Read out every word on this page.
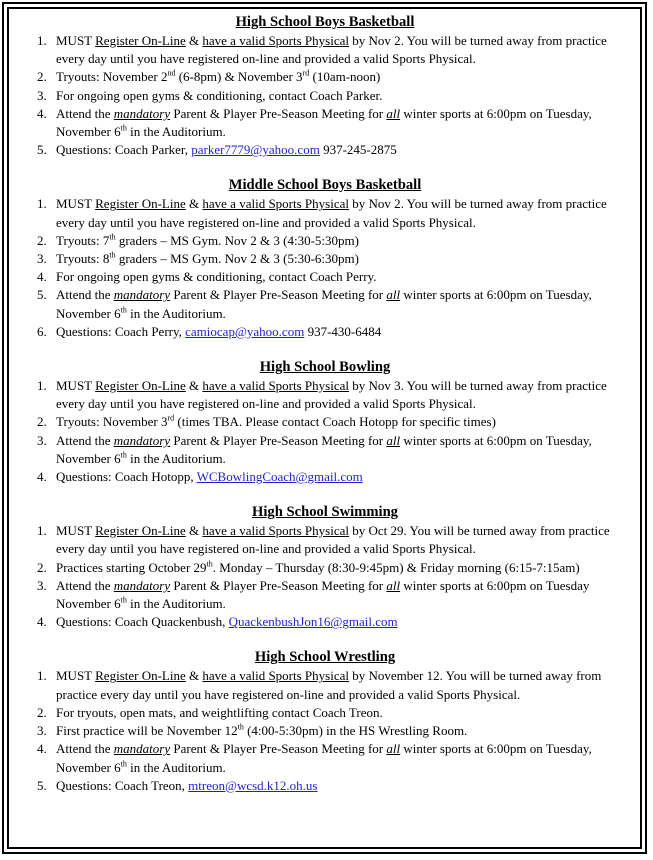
High School Boys Basketball
1. MUST Register On-Line & have a valid Sports Physical by Nov 2. You will be turned away from practice every day until you have registered on-line and provided a valid Sports Physical.
2. Tryouts: November 2nd (6-8pm) & November 3rd (10am-noon)
3. For ongoing open gyms & conditioning, contact Coach Parker.
4. Attend the mandatory Parent & Player Pre-Season Meeting for all winter sports at 6:00pm on Tuesday, November 6th in the Auditorium.
5. Questions: Coach Parker, parker7779@yahoo.com 937-245-2875
Middle School Boys Basketball
1. MUST Register On-Line & have a valid Sports Physical by Nov 2. You will be turned away from practice every day until you have registered on-line and provided a valid Sports Physical.
2. Tryouts: 7th graders – MS Gym. Nov 2 & 3 (4:30-5:30pm)
3. Tryouts: 8th graders – MS Gym. Nov 2 & 3 (5:30-6:30pm)
4. For ongoing open gyms & conditioning, contact Coach Perry.
5. Attend the mandatory Parent & Player Pre-Season Meeting for all winter sports at 6:00pm on Tuesday, November 6th in the Auditorium.
6. Questions: Coach Perry, camiocap@yahoo.com 937-430-6484
High School Bowling
1. MUST Register On-Line & have a valid Sports Physical by Nov 3. You will be turned away from practice every day until you have registered on-line and provided a valid Sports Physical.
2. Tryouts: November 3rd (times TBA. Please contact Coach Hotopp for specific times)
3. Attend the mandatory Parent & Player Pre-Season Meeting for all winter sports at 6:00pm on Tuesday, November 6th in the Auditorium.
4. Questions: Coach Hotopp, WCBowlingCoach@gmail.com
High School Swimming
1. MUST Register On-Line & have a valid Sports Physical by Oct 29. You will be turned away from practice every day until you have registered on-line and provided a valid Sports Physical.
2. Practices starting October 29th. Monday – Thursday (8:30-9:45pm) & Friday morning (6:15-7:15am)
3. Attend the mandatory Parent & Player Pre-Season Meeting for all winter sports at 6:00pm on Tuesday November 6th in the Auditorium.
4. Questions: Coach Quackenbush, QuackenbushJon16@gmail.com
High School Wrestling
1. MUST Register On-Line & have a valid Sports Physical by November 12. You will be turned away from practice every day until you have registered on-line and provided a valid Sports Physical.
2. For tryouts, open mats, and weightlifting contact Coach Treon.
3. First practice will be November 12th (4:00-5:30pm) in the HS Wrestling Room.
4. Attend the mandatory Parent & Player Pre-Season Meeting for all winter sports at 6:00pm on Tuesday, November 6th in the Auditorium.
5. Questions: Coach Treon, mtreon@wcsd.k12.oh.us
